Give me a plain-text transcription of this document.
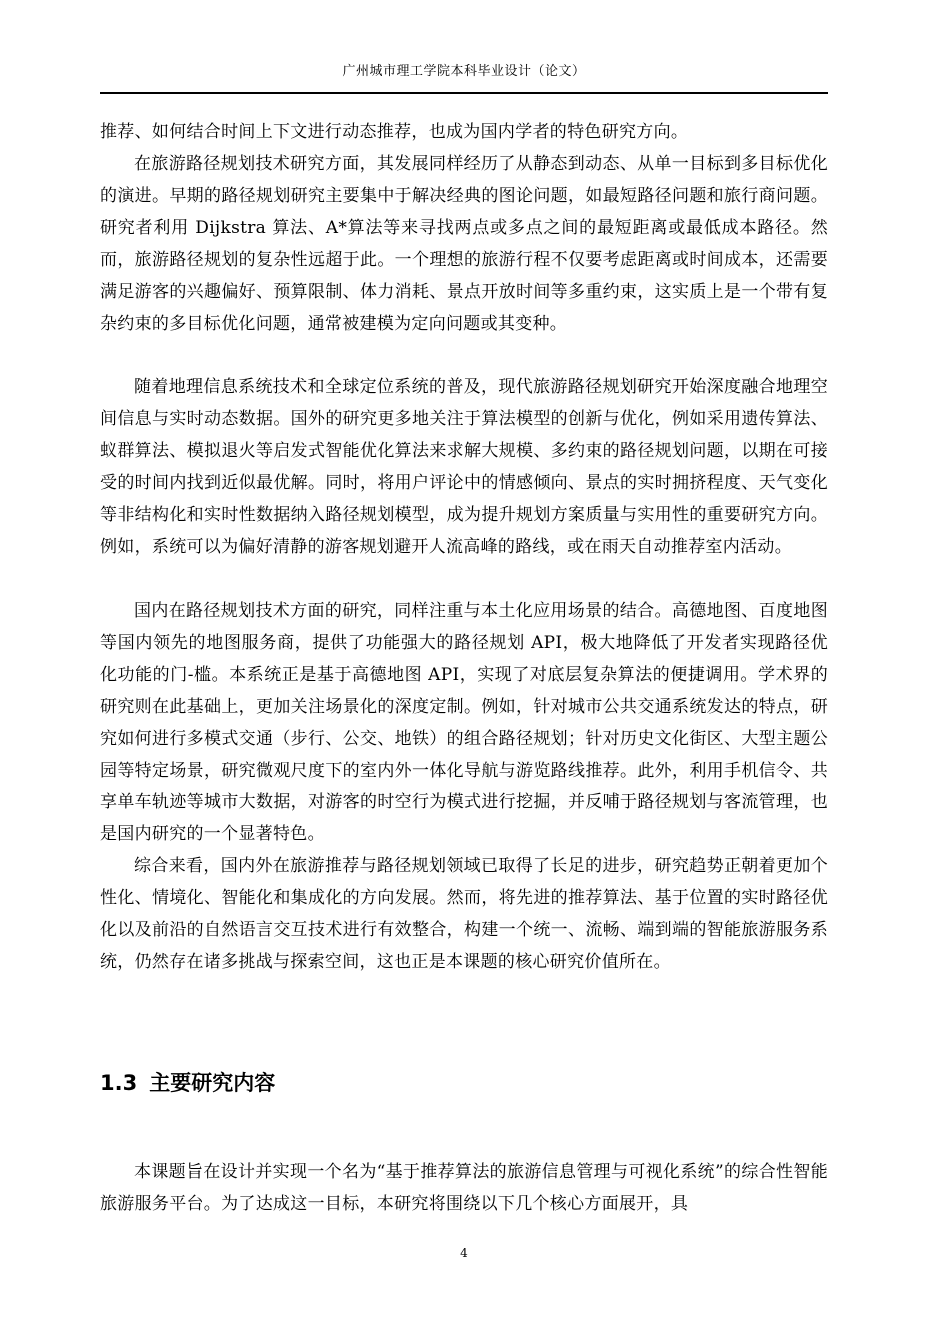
广州城市理工学院本科毕业设计（论文）

推荐、如何结合时间上下文进行动态推荐，也成为国内学者的特色研究方向。

在旅游路径规划技术研究方面，其发展同样经历了从静态到动态、从单一目标到多目标优化的演进。早期的路径规划研究主要集中于解决经典的图论问题，如最短路径问题和旅行商问题。研究者利用 Dijkstra 算法、A*算法等来寻找两点或多点之间的最短距离或最低成本路径。然而，旅游路径规划的复杂性远超于此。一个理想的旅游行程不仅要考虑距离或时间成本，还需要满足游客的兴趣偏好、预算限制、体力消耗、景点开放时间等多重约束，这实质上是一个带有复杂约束的多目标优化问题，通常被建模为定向问题或其变种。

随着地理信息系统技术和全球定位系统的普及，现代旅游路径规划研究开始深度融合地理空间信息与实时动态数据。国外的研究更多地关注于算法模型的创新与优化，例如采用遗传算法、蚁群算法、模拟退火等启发式智能优化算法来求解大规模、多约束的路径规划问题，以期在可接受的时间内找到近似最优解。同时，将用户评论中的情感倾向、景点的实时拥挤程度、天气变化等非结构化和实时性数据纳入路径规划模型，成为提升规划方案质量与实用性的重要研究方向。例如，系统可以为偏好清静的游客规划避开人流高峰的路线，或在雨天自动推荐室内活动。

国内在路径规划技术方面的研究，同样注重与本土化应用场景的结合。高德地图、百度地图等国内领先的地图服务商，提供了功能强大的路径规划 API，极大地降低了开发者实现路径优化功能的门-槛。本系统正是基于高德地图 API，实现了对底层复杂算法的便捷调用。学术界的研究则在此基础上，更加关注场景化的深度定制。例如，针对城市公共交通系统发达的特点，研究如何进行多模式交通（步行、公交、地铁）的组合路径规划；针对历史文化街区、大型主题公园等特定场景，研究微观尺度下的室内外一体化导航与游览路线推荐。此外，利用手机信令、共享单车轨迹等城市大数据，对游客的时空行为模式进行挖掘，并反哺于路径规划与客流管理，也是国内研究的一个显著特色。

综合来看，国内外在旅游推荐与路径规划领域已取得了长足的进步，研究趋势正朝着更加个性化、情境化、智能化和集成化的方向发展。然而，将先进的推荐算法、基于位置的实时路径优化以及前沿的自然语言交互技术进行有效整合，构建一个统一、流畅、端到端的智能旅游服务系统，仍然存在诸多挑战与探索空间，这也正是本课题的核心研究价值所在。

1.3 主要研究内容

本课题旨在设计并实现一个名为“基于推荐算法的旅游信息管理与可视化系统”的综合性智能旅游服务平台。为了达成这一目标，本研究将围绕以下几个核心方面展开，具

4
